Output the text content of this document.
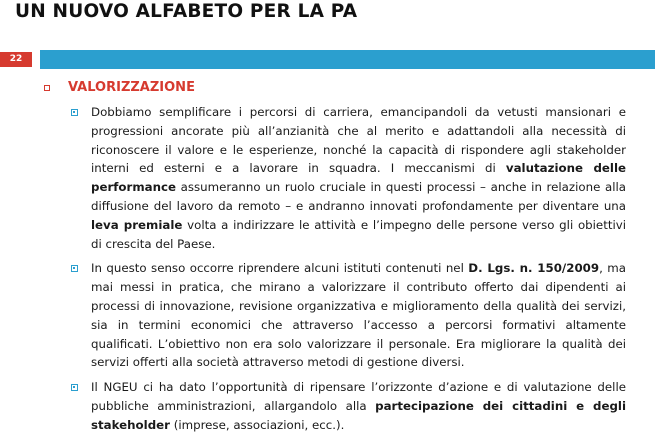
UN NUOVO ALFABETO PER LA PA
22
VALORIZZAZIONE
Dobbiamo semplificare i percorsi di carriera, emancipandoli da vetusti mansionari e progressioni ancorate più all’anzianità che al merito e adattandoli alla necessità di riconoscere il valore e le esperienze, nonché la capacità di rispondere agli stakeholder interni ed esterni e a lavorare in squadra. I meccanismi di valutazione delle performance assumeranno un ruolo cruciale in questi processi – anche in relazione alla diffusione del lavoro da remoto – e andranno innovati profondamente per diventare una leva premiale volta a indirizzare le attività e l’impegno delle persone verso gli obiettivi di crescita del Paese.
In questo senso occorre riprendere alcuni istituti contenuti nel D. Lgs. n. 150/2009, ma mai messi in pratica, che mirano a valorizzare il contributo offerto dai dipendenti ai processi di innovazione, revisione organizzativa e miglioramento della qualità dei servizi, sia in termini economici che attraverso l’accesso a percorsi formativi altamente qualificati. L’obiettivo non era solo valorizzare il personale. Era migliorare la qualità dei servizi offerti alla società attraverso metodi di gestione diversi.
Il NGEU ci ha dato l’opportunità di ripensare l’orizzonte d’azione e di valutazione delle pubbliche amministrazioni, allargandolo alla partecipazione dei cittadini e degli stakeholder (imprese, associazioni, ecc.).
